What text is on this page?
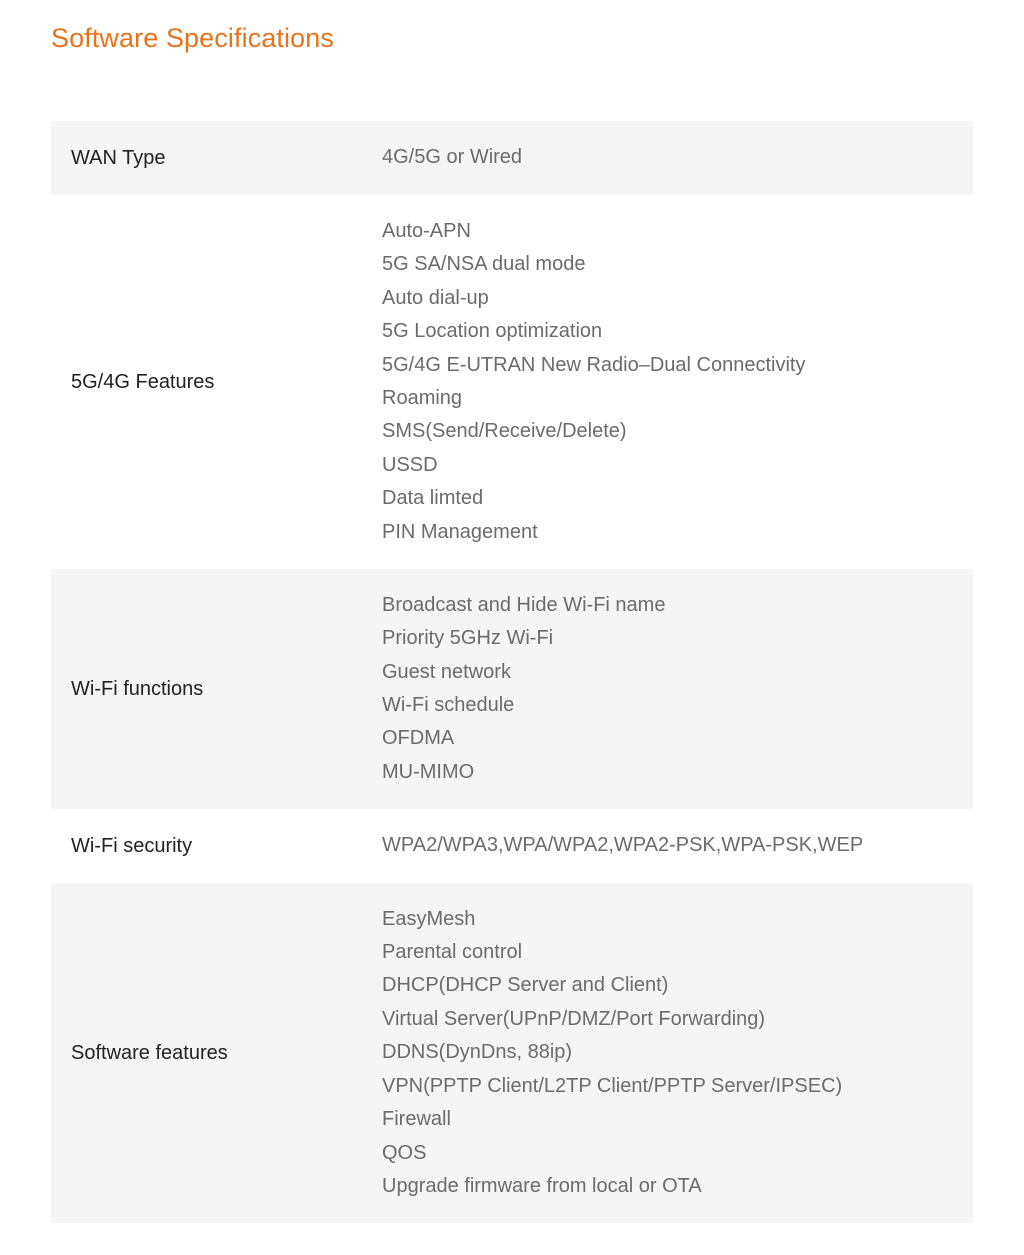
Software Specifications
WAN Type	4G/5G or Wired
5G/4G Features
Auto-APN
5G SA/NSA dual mode
Auto dial-up
5G Location optimization
5G/4G E-UTRAN New Radio–Dual Connectivity
Roaming
SMS(Send/Receive/Delete)
USSD
Data limted
PIN Management
Wi-Fi functions
Broadcast and Hide Wi-Fi name
Priority 5GHz Wi-Fi
Guest network
Wi-Fi schedule
OFDMA
MU-MIMO
Wi-Fi security	WPA2/WPA3,WPA/WPA2,WPA2-PSK,WPA-PSK,WEP
Software features
EasyMesh
Parental control
DHCP(DHCP Server and Client)
Virtual Server(UPnP/DMZ/Port Forwarding)
DDNS(DynDns, 88ip)
VPN(PPTP Client/L2TP Client/PPTP Server/IPSEC)
Firewall
QOS
Upgrade firmware from local or OTA
